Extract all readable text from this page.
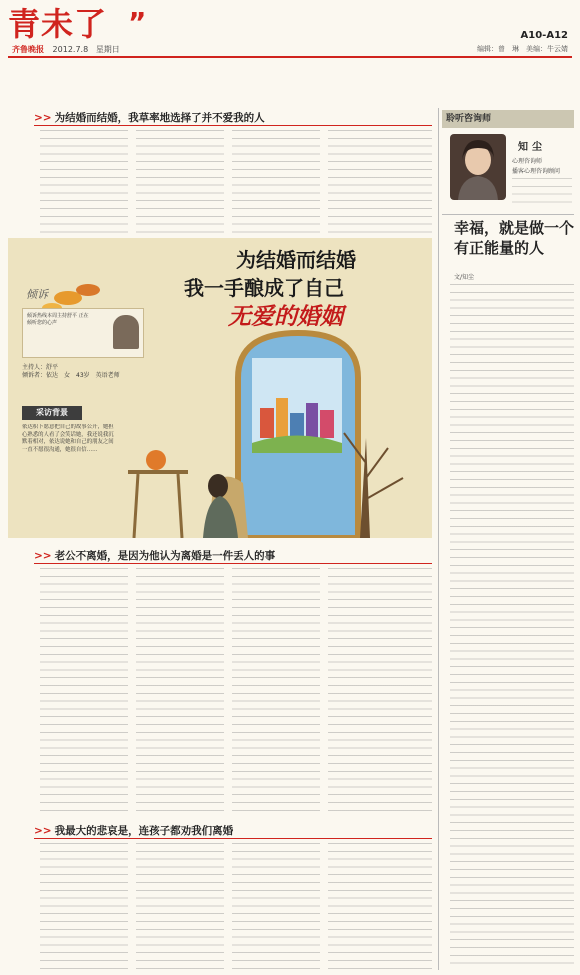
青未了 ”
齐鲁晚报 2012.7.8 星期日
A10-A12
编辑：曾　琳　美编：牛云婧
>> 为结婚而结婚，我草率地选择了并不爱我的人
为结婚而结婚
我一手酿成了自己
无爱的婚姻
倾诉
倾诉热线本周主持舒平 正在倾听您的心声
主持人：舒平
倾诉者：依达　女　43岁　英语老师
采访背景
依达积下愿意把自己的故事公开，她担心熟悉的人看了会笑话她，我还说我沉默着相对，依达说她和自己的朋友之间一直不愿很沟通，她很自信……
>> 老公不离婚，是因为他认为离婚是一件丢人的事
>> 我最大的悲哀是，连孩子都劝我们离婚
聆听咨询师
知尘
心理咨询师
播客心理咨询顾问
幸福，就是做一个有正能量的人
文/知尘
